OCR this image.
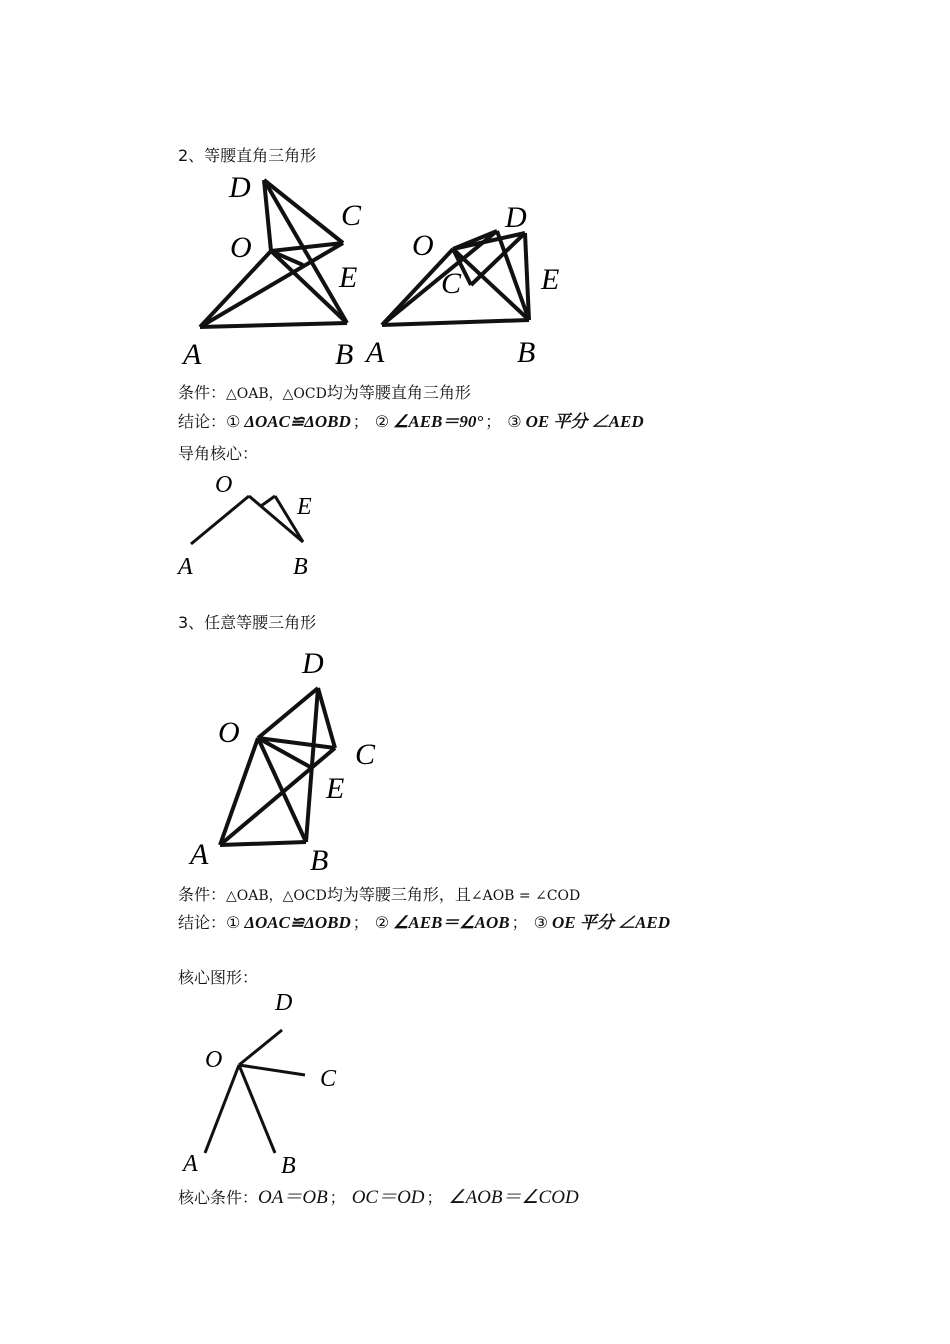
2、等腰直角三角形
D
C
O
E
A	B
D
O
C	E
A	B
条件： △OAB，△OCD 均为等腰直角三角形
结论： ① ΔOAC≌ΔOBD ； ② ∠AEB＝90° ； ③ OE 平分 ∠AED
导角核心：
O
E
A	B
3、任意等腰三角形
D
O
C
E
A	B
条件： △OAB，△OCD 均为等腰三角形，且 ∠AOB = ∠COD
结论： ① ΔOAC≌ΔOBD ； ② ∠AEB＝∠AOB ； ③ OE 平分 ∠AED
核心图形：
D
O
C
A	B
核心条件： OA＝OB ； OC＝OD ； ∠AOB＝∠COD
